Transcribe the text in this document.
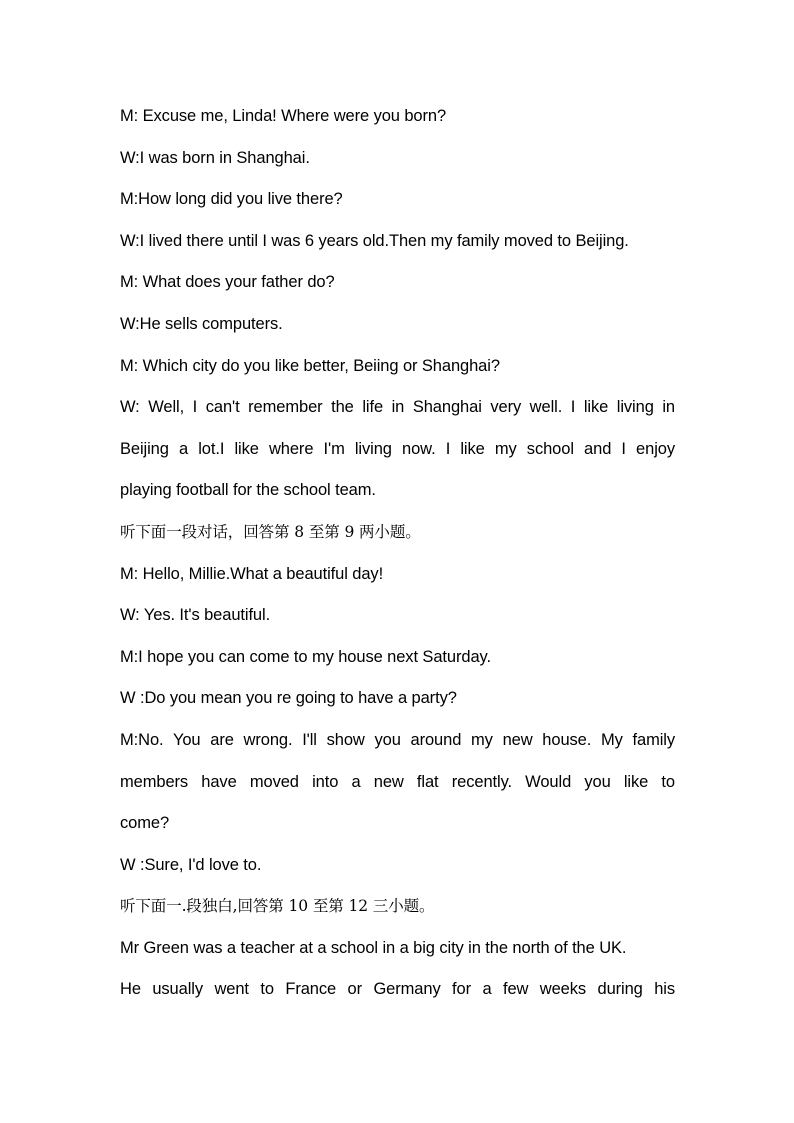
M: Excuse me, Linda! Where were you born?
W:I was born in Shanghai.
M:How long did you live there?
W:I lived there until I was 6 years old.Then my family moved to Beijing.
M: What does your father do?
W:He sells computers.
M: Which city do you like better, Beiing or Shanghai?
W: Well, I can't remember the life in Shanghai very well. I like living in
Beijing a lot.I like where I'm living now. I like my school and I enjoy
playing football for the school team.
听下面一段对话，回答第 8 至第 9 两小题。
M: Hello, Millie.What a beautiful day!
W: Yes. It's beautiful.
M:I hope you can come to my house next Saturday.
W :Do you mean you re going to have a party?
M:No. You are wrong. I'll show you around my new house. My family
members have moved into a new flat recently. Would you like to
come?
W :Sure, I'd love to.
听下面一.段独白,回答第 10 至第 12 三小题。
Mr Green was a teacher at a school in a big city in the north of the UK.
He usually went to France or Germany for a few weeks during his
